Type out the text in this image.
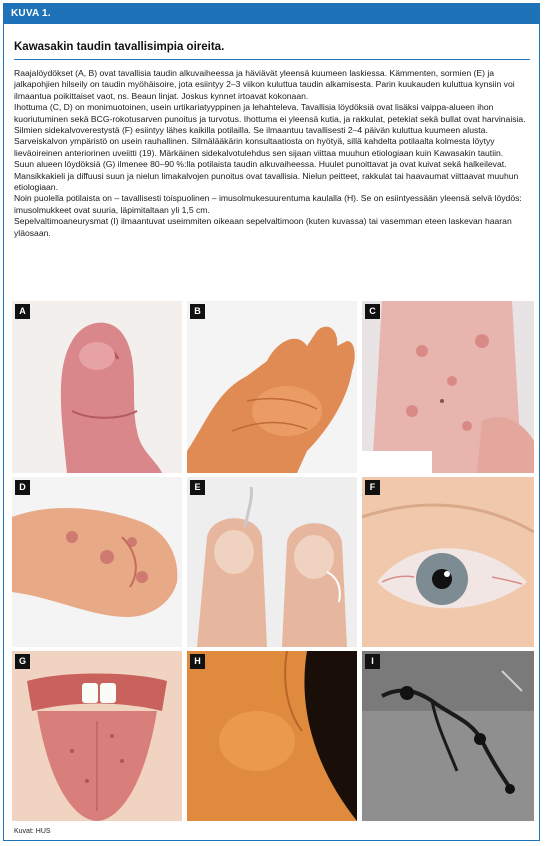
KUVA 1.
Kawasakin taudin tavallisimpia oireita.

Raajalöydökset (A, B) ovat tavallisia taudin alkuvaiheessa ja häviävät yleensä kuumeen laskiessa. Kämmenten, sormien (E) ja jalkapohjien hilseily on taudin myöhäisoire, jota esiintyy 2–3 viikon kuluttua taudin alkamisesta. Parin kuukauden kuluttua kynsiin voi ilmaantua poikittaiset vaot, ns. Beaun linjat. Joskus kynnet irtoavat kokonaan.

Ihottuma (C, D) on monimuotoinen, usein urtikariatyyppinen ja lehahteleva. Tavallisia löydöksiä ovat lisäksi vaippa-alueen ihon kuoriutuminen sekä BCG-rokotusarven punoitus ja turvotus. Ihottuma ei yleensä kutia, ja rakkulat, petekiat sekä bullat ovat harvinaisia.

Silmien sidekalvoverestystä (F) esiintyy lähes kaikilla potilailla. Se ilmaantuu tavallisesti 2–4 päivän kuluttua kuumeen alusta. Sarveiskalvon ympäristö on usein rauhallinen. Silmälääkärin konsultaatiosta on hyötyä, sillä kahdelta potilaalta kolmesta löytyy lieväoireinen anteriorinen uveiitti (19). Märkäinen sidekalvotulehdus sen sijaan viittaa muuhun etiologiaan kuin Kawasakin tautiin.

Suun alueen löydöksiä (G) ilmenee 80–90 %:lla potilaista taudin alkuvaiheessa. Huulet punoittavat ja ovat kuivat sekä halkeilevat. Mansikkakieli ja diffuusi suun ja nielun limakalvojen punoitus ovat tavallisia. Nielun peitteet, rakkulat tai haavaumat viittaavat muuhun etiologiaan.

Noin puolella potilaista on – tavallisesti toispuolinen – imusolmukesuurentuma kaulalla (H). Se on esiintyessään yleensä selvä löydös: imusolmukkeet ovat suuria, läpimitaltaan yli 1,5 cm.

Sepelvaltimoaneurysmat (I) ilmaantuvat useimmiten oikeaan sepelvaltimoon (kuten kuvassa) tai vasemman eteen laskevan haaran yläosaan.

A	B	C
D	E	F
G	H	I
Kuvat: HUS
